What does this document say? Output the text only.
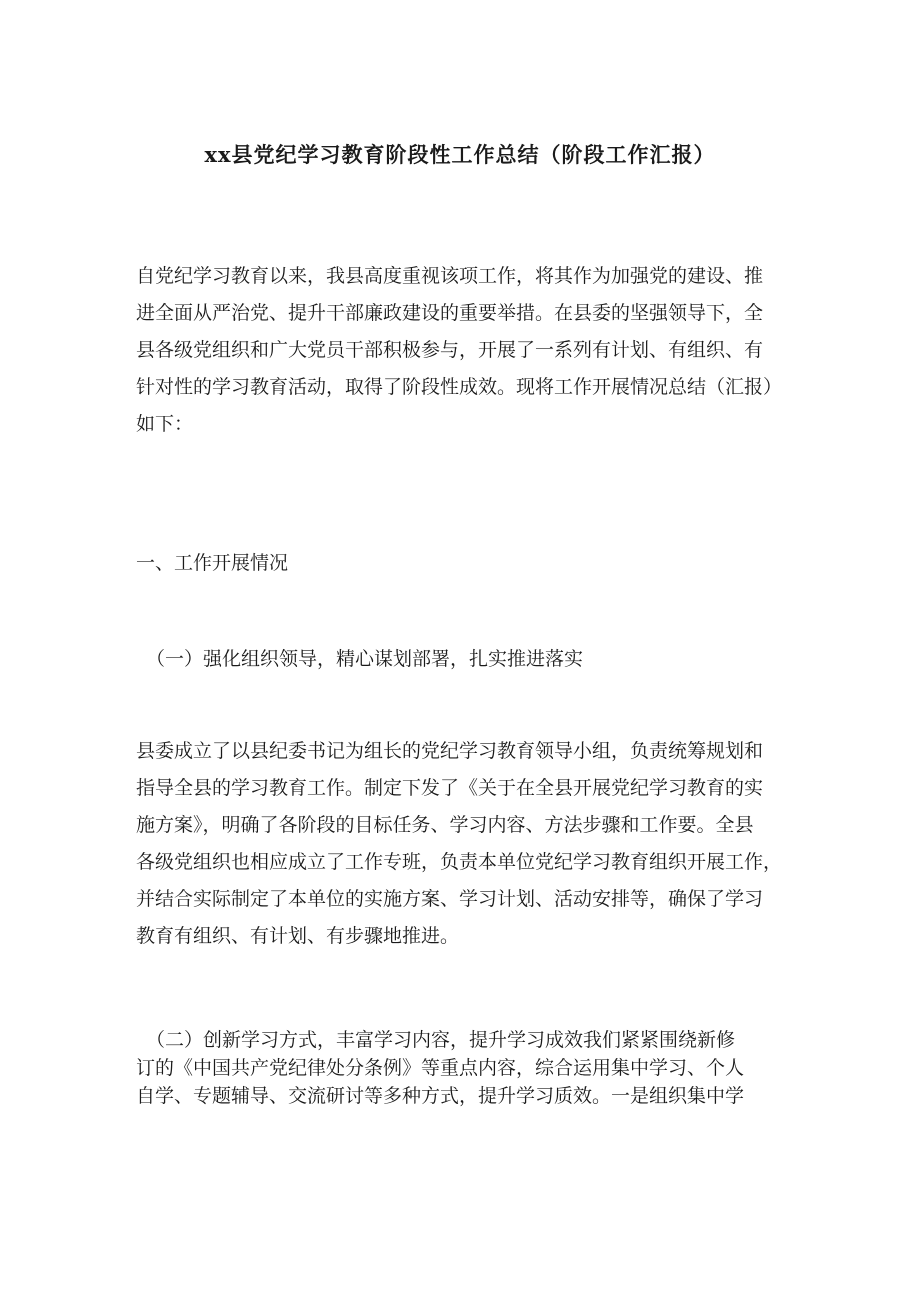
xx县党纪学习教育阶段性工作总结（阶段工作汇报）

自党纪学习教育以来，我县高度重视该项工作，将其作为加强党的建设、推
进全面从严治党、提升干部廉政建设的重要举措。在县委的坚强领导下，全
县各级党组织和广大党员干部积极参与，开展了一系列有计划、有组织、有
针对性的学习教育活动，取得了阶段性成效。现将工作开展情况总结（汇报）
如下：

一、工作开展情况

（一）强化组织领导，精心谋划部署，扎实推进落实

县委成立了以县纪委书记为组长的党纪学习教育领导小组，负责统筹规划和
指导全县的学习教育工作。制定下发了《关于在全县开展党纪学习教育的实
施方案》，明确了各阶段的目标任务、学习内容、方法步骤和工作要。全县
各级党组织也相应成立了工作专班，负责本单位党纪学习教育组织开展工作，
并结合实际制定了本单位的实施方案、学习计划、活动安排等，确保了学习
教育有组织、有计划、有步骤地推进。

（二）创新学习方式，丰富学习内容，提升学习成效我们紧紧围绕新修
订的《中国共产党纪律处分条例》等重点内容，综合运用集中学习、个人
自学、专题辅导、交流研讨等多种方式，提升学习质效。一是组织集中学
